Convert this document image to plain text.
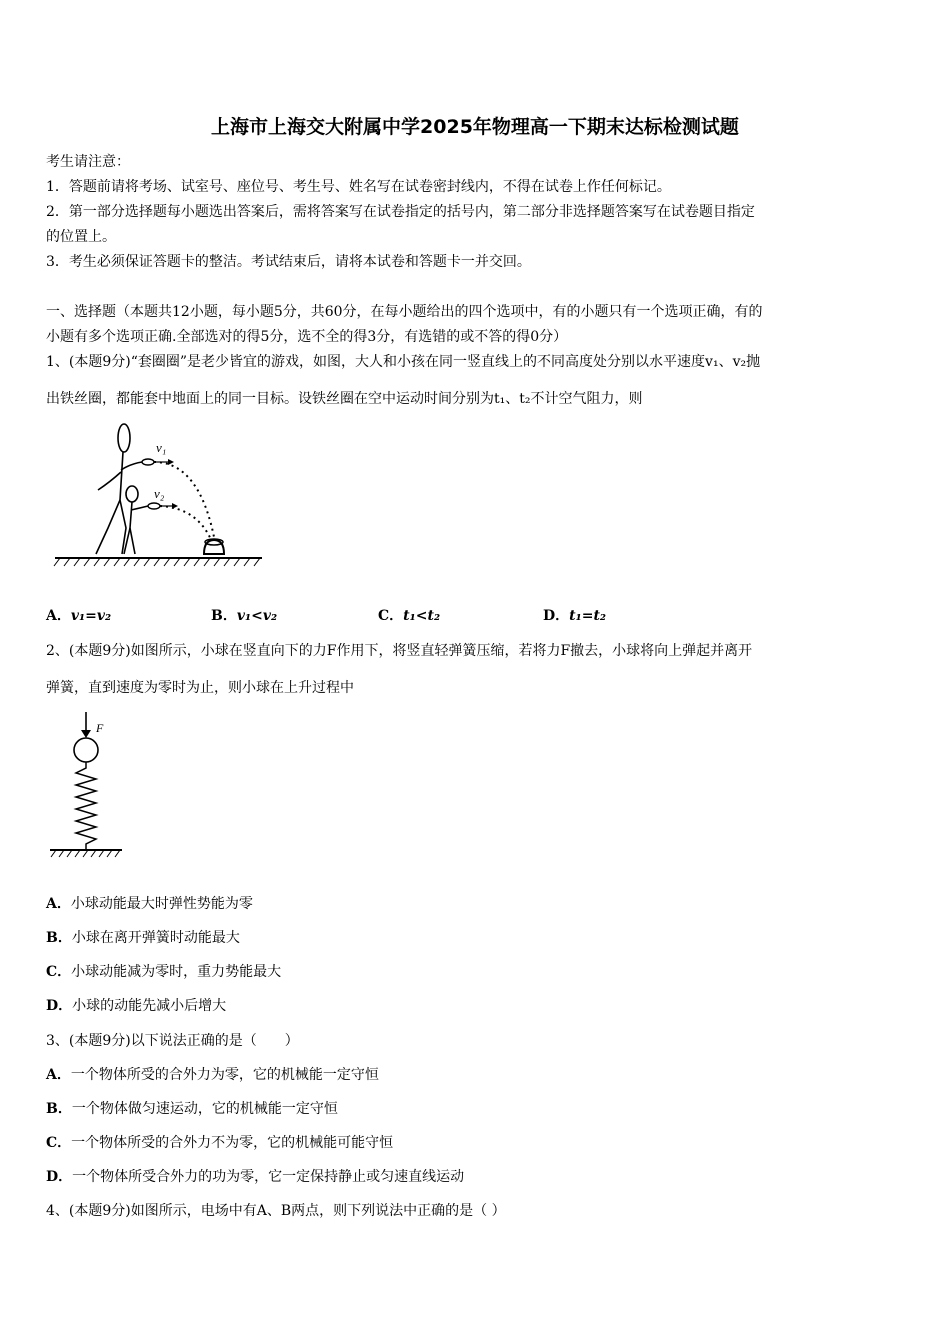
上海市上海交大附属中学2025年物理高一下期末达标检测试题
考生请注意：
1．答题前请将考场、试室号、座位号、考生号、姓名写在试卷密封线内，不得在试卷上作任何标记。
2．第一部分选择题每小题选出答案后，需将答案写在试卷指定的括号内，第二部分非选择题答案写在试卷题目指定
的位置上。
3．考生必须保证答题卡的整洁。考试结束后，请将本试卷和答题卡一并交回。
一、选择题（本题共12小题，每小题5分，共60分，在每小题给出的四个选项中，有的小题只有一个选项正确，有的
小题有多个选项正确.全部选对的得5分，选不全的得3分，有选错的或不答的得0分）
1、(本题9分)“套圈圈”是老少皆宜的游戏，如图，大人和小孩在同一竖直线上的不同高度处分别以水平速度v₁、v₂抛
出铁丝圈，都能套中地面上的同一目标。设铁丝圈在空中运动时间分别为t₁、t₂不计空气阻力，则
v₁
v₂
A．v₁=v₂	B．v₁<v₂	C．t₁<t₂	D．t₁=t₂
2、(本题9分)如图所示，小球在竖直向下的力F作用下，将竖直轻弹簧压缩，若将力F撤去，小球将向上弹起并离开
弹簧，直到速度为零时为止，则小球在上升过程中
F
A．小球动能最大时弹性势能为零
B．小球在离开弹簧时动能最大
C．小球动能减为零时，重力势能最大
D．小球的动能先减小后增大
3、(本题9分)以下说法正确的是（　　）
A．一个物体所受的合外力为零，它的机械能一定守恒
B．一个物体做匀速运动，它的机械能一定守恒
C．一个物体所受的合外力不为零，它的机械能可能守恒
D．一个物体所受合外力的功为零，它一定保持静止或匀速直线运动
4、(本题9分)如图所示，电场中有A、B两点，则下列说法中正确的是（ ）
